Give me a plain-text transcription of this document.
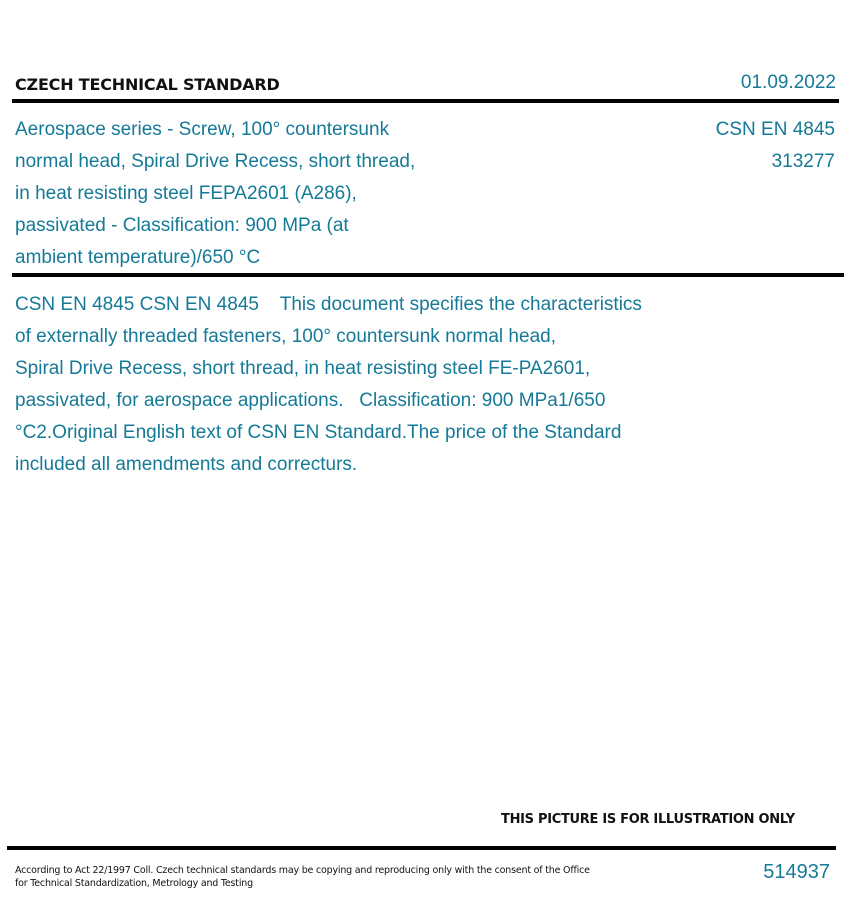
CZECH TECHNICAL STANDARD	01.09.2022
Aerospace series - Screw, 100° countersunk
normal head, Spiral Drive Recess, short thread,
in heat resisting steel FEPA2601 (A286),
passivated - Classification: 900 MPa (at
ambient temperature)/650 °C
CSN EN 4845
313277
CSN EN 4845 CSN EN 4845    This document specifies the characteristics
of externally threaded fasteners, 100° countersunk normal head,
Spiral Drive Recess, short thread, in heat resisting steel FE-PA2601,
passivated, for aerospace applications.   Classification: 900 MPa1/650
°C2.Original English text of CSN EN Standard.The price of the Standard
included all amendments and correcturs.
THIS PICTURE IS FOR ILLUSTRATION ONLY
According to Act 22/1997 Coll. Czech technical standards may be copying and reproducing only with the consent of the Office
for Technical Standardization, Metrology and Testing
514937
